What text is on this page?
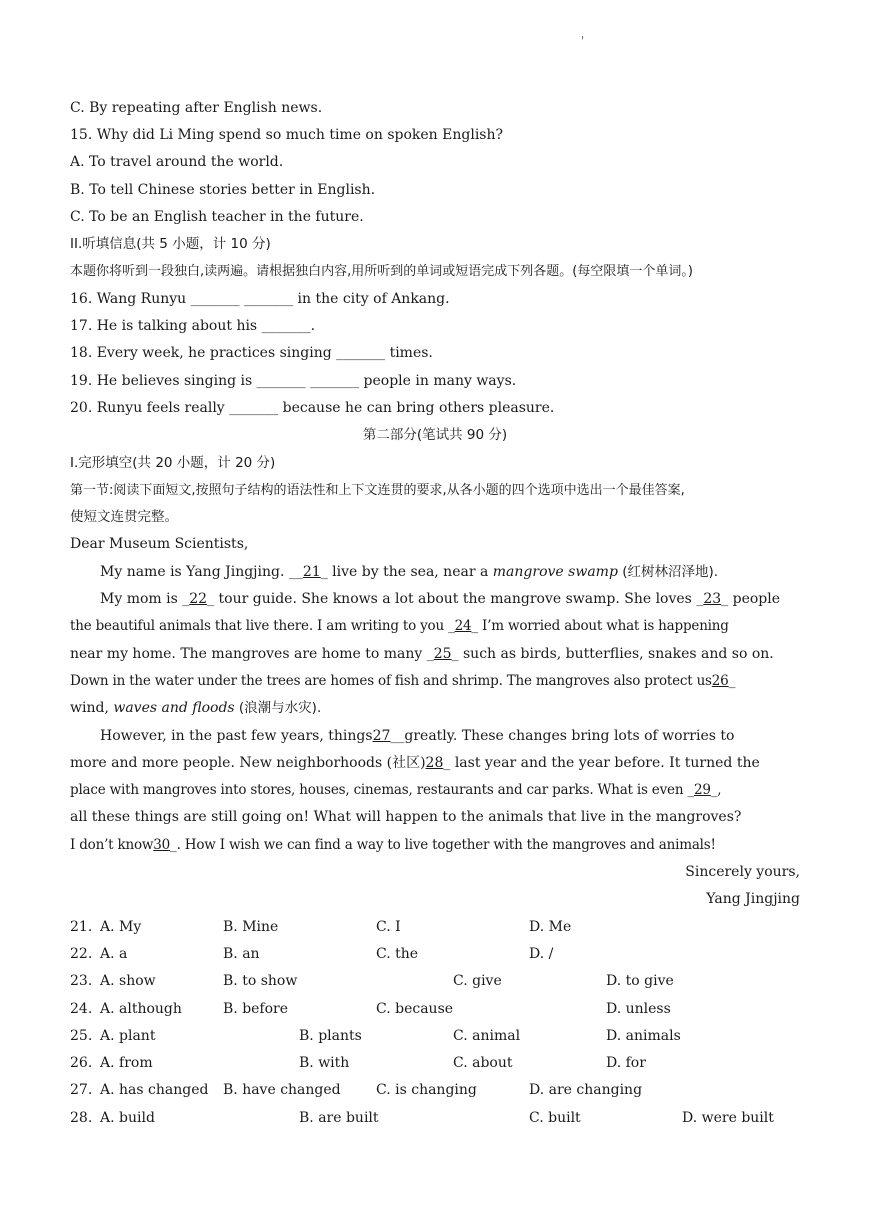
'
C. By repeating after English news.
15. Why did Li Ming spend so much time on spoken English?
A. To travel around the world.
B. To tell Chinese stories better in English.
C. To be an English teacher in the future.
II.听填信息(共 5 小题，计 10 分)
本题你将听到一段独白,读两遍。请根据独白内容,用所听到的单词或短语完成下列各题。(每空限填一个单词。)
16. Wang Runyu _______ _______ in the city of Ankang.
17. He is talking about his _______.
18. Every week, he practices singing _______ times.
19. He believes singing is _______ _______ people in many ways.
20. Runyu feels really _______ because he can bring others pleasure.
第二部分(笔试共 90 分)
I.完形填空(共 20 小题，计 20 分)
第一节:阅读下面短文,按照句子结构的语法性和上下文连贯的要求,从各小题的四个选项中选出一个最佳答案,
使短文连贯完整。
Dear Museum Scientists,
My name is Yang Jingjing. __21_ live by the sea, near a mangrove swamp (红树林沼泽地).
My mom is _22_ tour guide. She knows a lot about the mangrove swamp. She loves _23_ people
the beautiful animals that live there. I am writing to you _24_ I’m worried about what is happening
near my home. The mangroves are home to many _25_ such as birds, butterflies, snakes and so on.
Down in the water under the trees are homes of fish and shrimp. The mangroves also protect us26_
wind, waves and floods (浪潮与水灾).
However, in the past few years, things27__greatly. These changes bring lots of worries to
more and more people. New neighborhoods (社区)28_ last year and the year before. It turned the
place with mangroves into stores, houses, cinemas, restaurants and car parks. What is even _29_,
all these things are still going on! What will happen to the animals that live in the mangroves?
I don’t know30_. How I wish we can find a way to live together with the mangroves and animals!
Sincerely yours,
Yang Jingjing
21. A. My	B. Mine	C. I	D. Me
22. A. a	B. an	C. the	D. /
23. A. show	B. to show	C. give	D. to give
24. A. although	B. before	C. because	D. unless
25. A. plant	B. plants	C. animal	D. animals
26. A. from	B. with	C. about	D. for
27. A. has changed B. have changed	C. is changing	D. are changing
28. A. build	B. are built	C. built	D. were built
